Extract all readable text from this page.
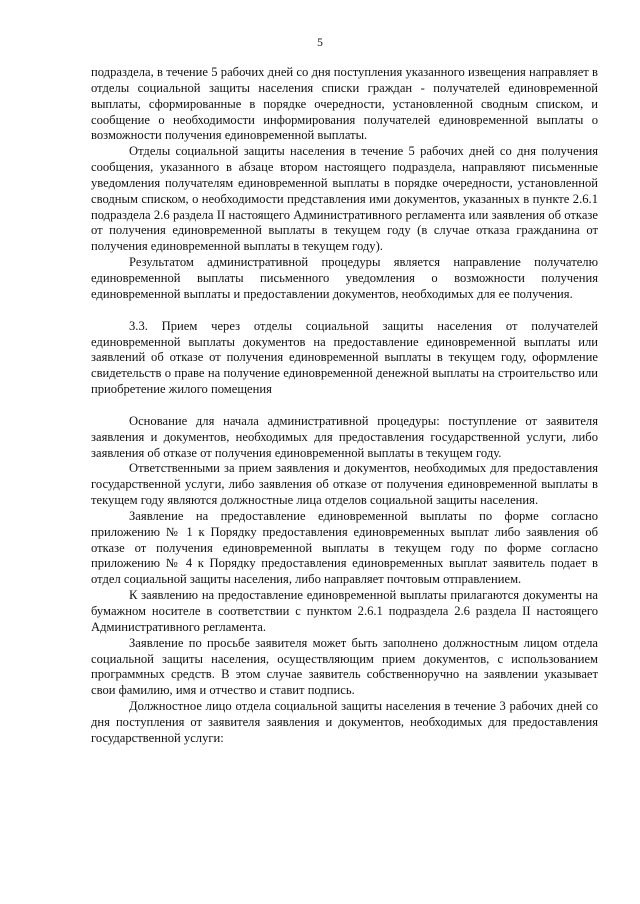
5

подраздела, в течение 5 рабочих дней со дня поступления указанного извещения направляет в отделы социальной защиты населения списки граждан - получателей единовременной выплаты, сформированные в порядке очередности, установленной сводным списком, и сообщение о необходимости информирования получателей единовременной выплаты о возможности получения единовременной выплаты.

Отделы социальной защиты населения в течение 5 рабочих дней со дня получения сообщения, указанного в абзаце втором настоящего подраздела, направляют письменные уведомления получателям единовременной выплаты в порядке очередности, установленной сводным списком, о необходимости представления ими документов, указанных в пункте 2.6.1 подраздела 2.6 раздела II настоящего Административного регламента или заявления об отказе от получения единовременной выплаты в текущем году (в случае отказа гражданина от получения единовременной выплаты в текущем году).

Результатом административной процедуры является направление получателю единовременной выплаты письменного уведомления о возможности получения единовременной выплаты и предоставлении документов, необходимых для ее получения.

3.3. Прием через отделы социальной защиты населения от получателей единовременной выплаты документов на предоставление единовременной выплаты или заявлений об отказе от получения единовременной выплаты в текущем году, оформление свидетельств о праве на получение единовременной денежной выплаты на строительство или приобретение жилого помещения

Основание для начала административной процедуры: поступление от заявителя заявления и документов, необходимых для предоставления государственной услуги, либо заявления об отказе от получения единовременной выплаты в текущем году.

Ответственными за прием заявления и документов, необходимых для предоставления государственной услуги, либо заявления об отказе от получения единовременной выплаты в текущем году являются должностные лица отделов социальной защиты населения.

Заявление на предоставление единовременной выплаты по форме согласно приложению № 1 к Порядку предоставления единовременных выплат либо заявления об отказе от получения единовременной выплаты в текущем году по форме согласно приложению № 4 к Порядку предоставления единовременных выплат заявитель подает в отдел социальной защиты населения, либо направляет почтовым отправлением.

К заявлению на предоставление единовременной выплаты прилагаются документы на бумажном носителе в соответствии с пунктом 2.6.1 подраздела 2.6 раздела II настоящего Административного регламента.

Заявление по просьбе заявителя может быть заполнено должностным лицом отдела социальной защиты населения, осуществляющим прием документов, с использованием программных средств. В этом случае заявитель собственноручно на заявлении указывает свои фамилию, имя и отчество и ставит подпись.

Должностное лицо отдела социальной защиты населения в течение 3 рабочих дней со дня поступления от заявителя заявления и документов, необходимых для предоставления государственной услуги:
